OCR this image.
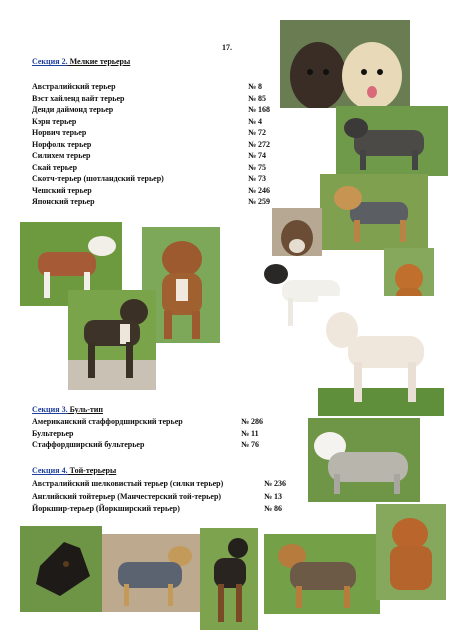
17.
Секция 2. Мелкие терьеры
Австралийский терьер	№ 8
Вэст хайленд вайт терьер	№ 85
Денди даймонд терьер	№ 168
Кэрн терьер	№ 4
Норвич терьер	№ 72
Норфолк терьер	№ 272
Силихем терьер	№ 74
Скай терьер	№ 75
Скотч-терьер (шотландский терьер)	№ 73
Чешский терьер	№ 246
Японский терьер	№ 259
Секция 3. Буль-тип
Американский стаффордширский терьер	№ 286
Бультерьер	№ 11
Стаффордширский бультерьер	№ 76
Секция 4. Той-терьеры
Австралийский шелковистый терьер (силки терьер)	№ 236
Английский тойтерьер (Манчестерский той-терьер)	№ 13
Йоркшир-терьер (Йоркширский терьер)	№ 86
